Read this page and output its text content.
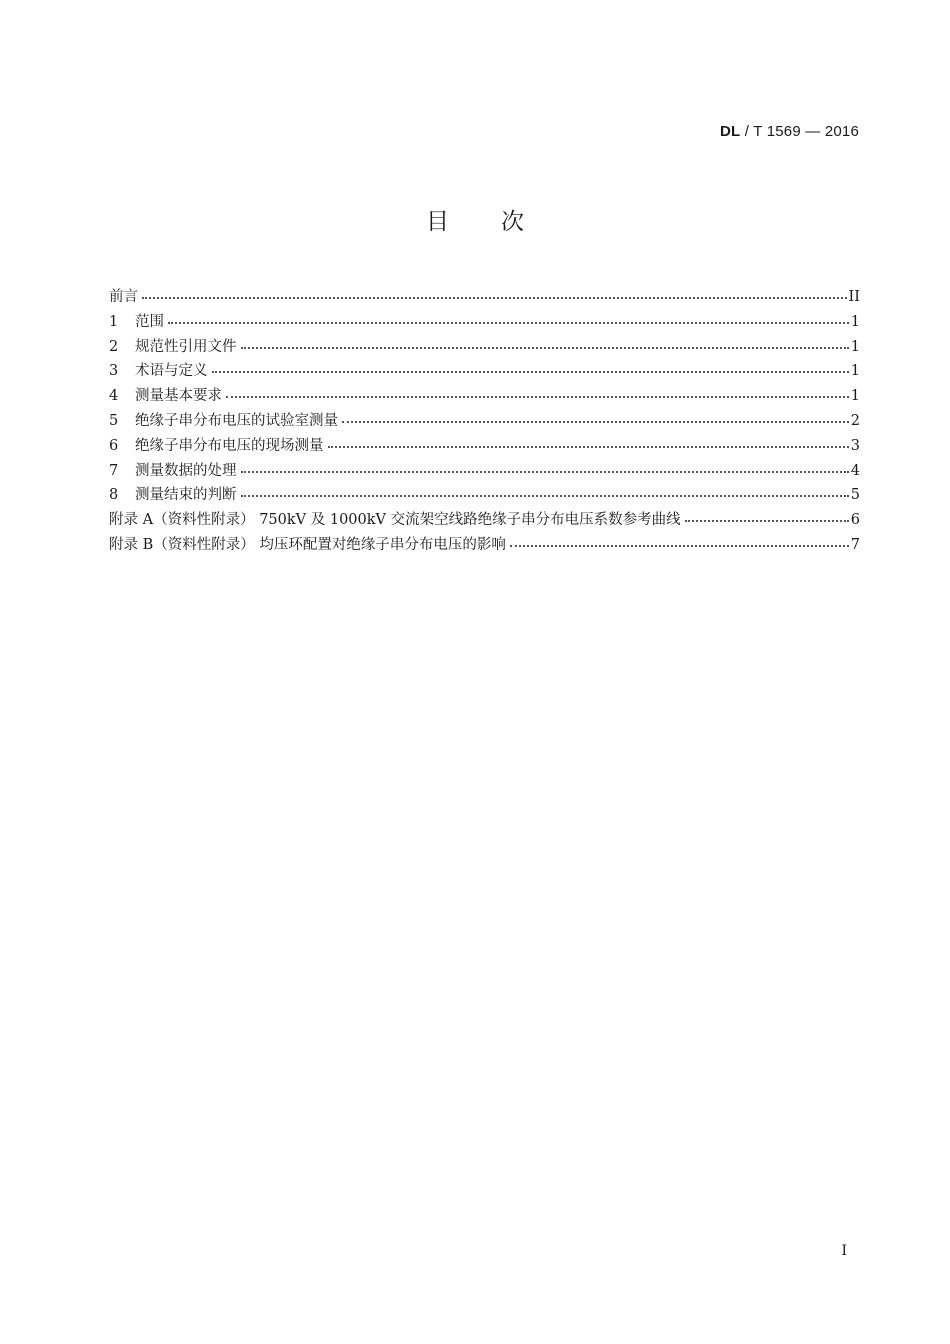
DL / T 1569 — 2016
目次
前言	II
1	范围	1
2	规范性引用文件	1
3	术语与定义	1
4	测量基本要求	1
5	绝缘子串分布电压的试验室测量	2
6	绝缘子串分布电压的现场测量	3
7	测量数据的处理	4
8	测量结束的判断	5
附录 A（资料性附录） 750kV 及 1000kV 交流架空线路绝缘子串分布电压系数参考曲线	6
附录 B（资料性附录） 均压环配置对绝缘子串分布电压的影响	7
I
